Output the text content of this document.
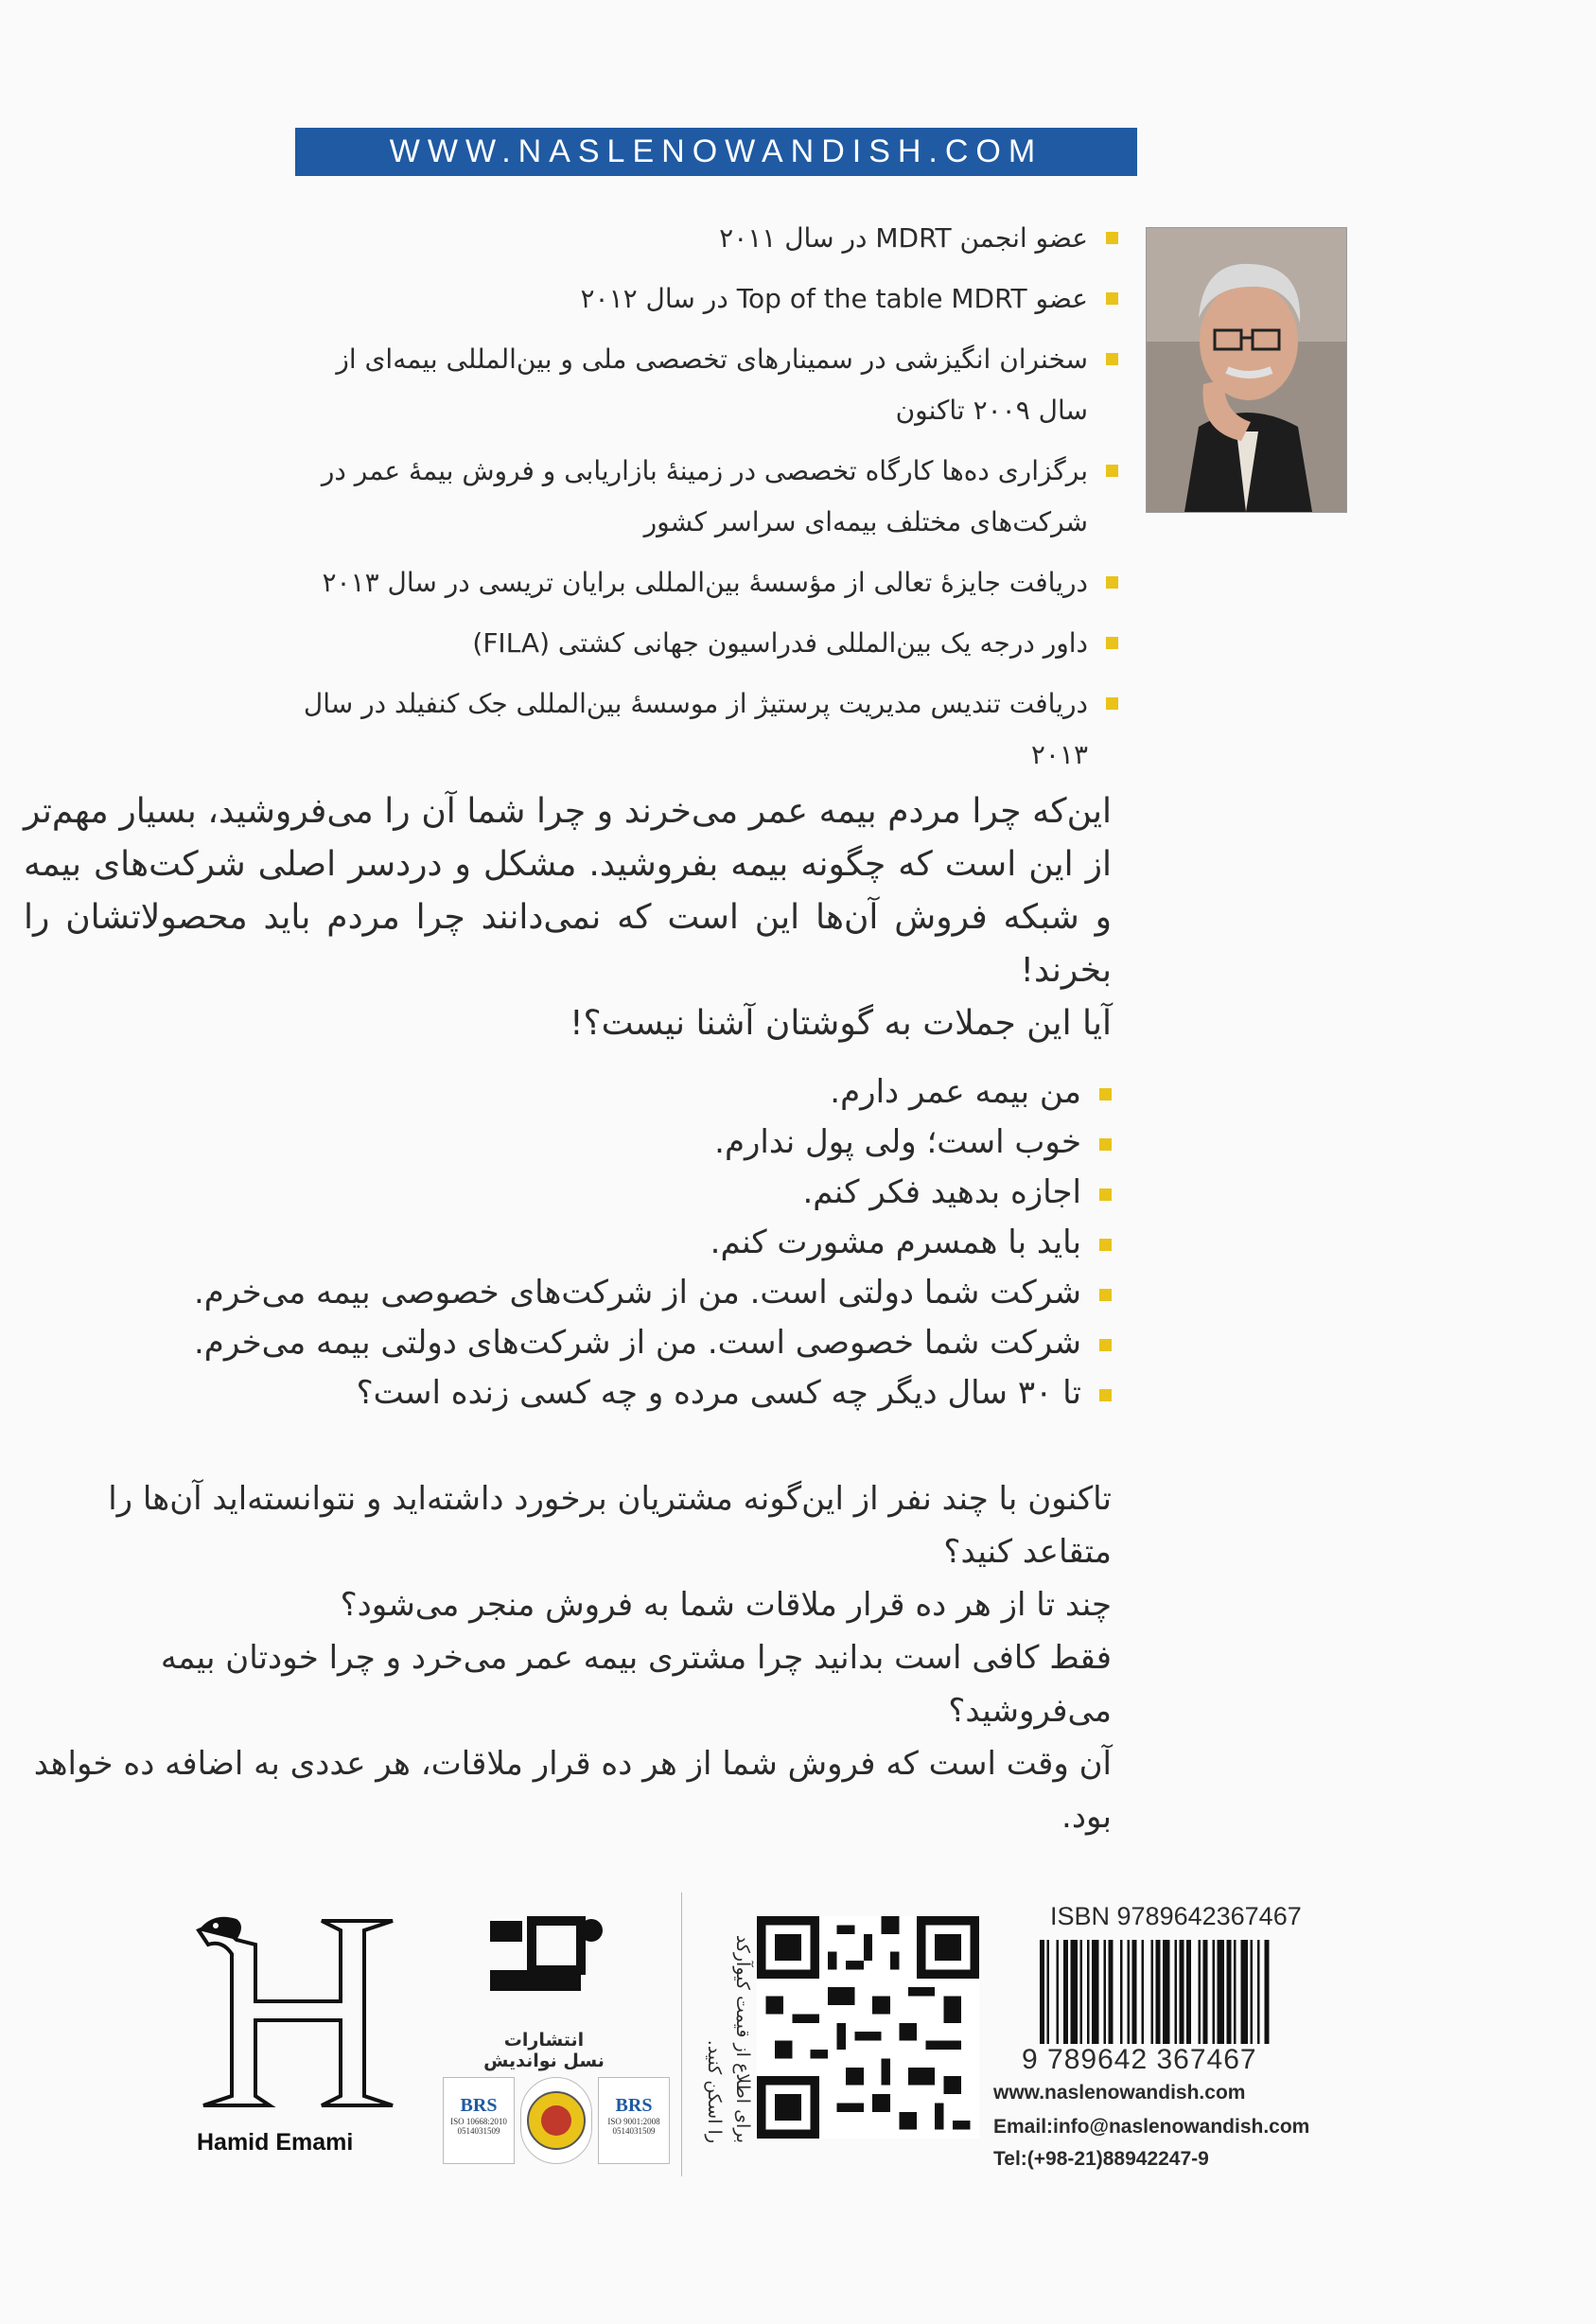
WWW.NASLENOWANDISH.COM
عضو انجمن MDRT در سال ۲۰۱۱
عضو Top of the table MDRT در سال ۲۰۱۲
سخنران انگیزشی در سمینارهای تخصصی ملی و بین‌المللی بیمه‌ای از سال ۲۰۰۹ تاکنون
برگزاری ده‌ها کارگاه تخصصی در زمینهٔ بازاریابی و فروش بیمهٔ عمر در شرکت‌های مختلف بیمه‌ای سراسر کشور
دریافت جایزهٔ تعالی از مؤسسهٔ بین‌المللی برایان تریسی در سال ۲۰۱۳
داور درجه یک بین‌المللی فدراسیون جهانی کشتی (FILA)
دریافت تندیس مدیریت پرستیژ از موسسهٔ بین‌المللی جک کنفیلد در سال ۲۰۱۳
این‌که چرا مردم بیمه عمر می‌خرند و چرا شما آن را می‌فروشید، بسیار مهم‌تر از این است که چگونه بیمه بفروشید. مشکل و دردسر اصلی شرکت‌های بیمه و شبکه فروش آن‌ها این است که نمی‌دانند چرا مردم باید محصولاتشان را بخرند!
آیا این جملات به گوشتان آشنا نیست؟!
من بیمه عمر دارم.
خوب است؛ ولی پول ندارم.
اجازه بدهید فکر کنم.
باید با همسرم مشورت کنم.
شرکت شما دولتی است. من از شرکت‌های خصوصی بیمه می‌خرم.
شرکت شما خصوصی است. من از شرکت‌های دولتی بیمه می‌خرم.
تا ۳۰ سال دیگر چه کسی مرده و چه کسی زنده است؟

تاکنون با چند نفر از این‌گونه مشتریان برخورد داشته‌اید و نتوانسته‌اید آن‌ها را متقاعد کنید؟

چند تا از هر ده قرار ملاقات شما به فروش منجر می‌شود؟

فقط کافی است بدانید چرا مشتری بیمه عمر می‌خرد و چرا خودتان بیمه می‌فروشید؟

آن وقت است که فروش شما از هر ده قرار ملاقات، هر عددی به اضافه ده خواهد بود.

Hamid Emami
انتشارات
نسل نواندیش
BRS
ISO 10668:2010
0514031509
BRS
ISO 9001:2008
0514031509	برای اطلاع از قیمت کیوآرکد را اسکن کنید.
ISBN 9789642367467
9 789642 367467
www.naslenowandish.com
Email:info@naslenowandish.com
Tel:(+98-21)88942247-9
